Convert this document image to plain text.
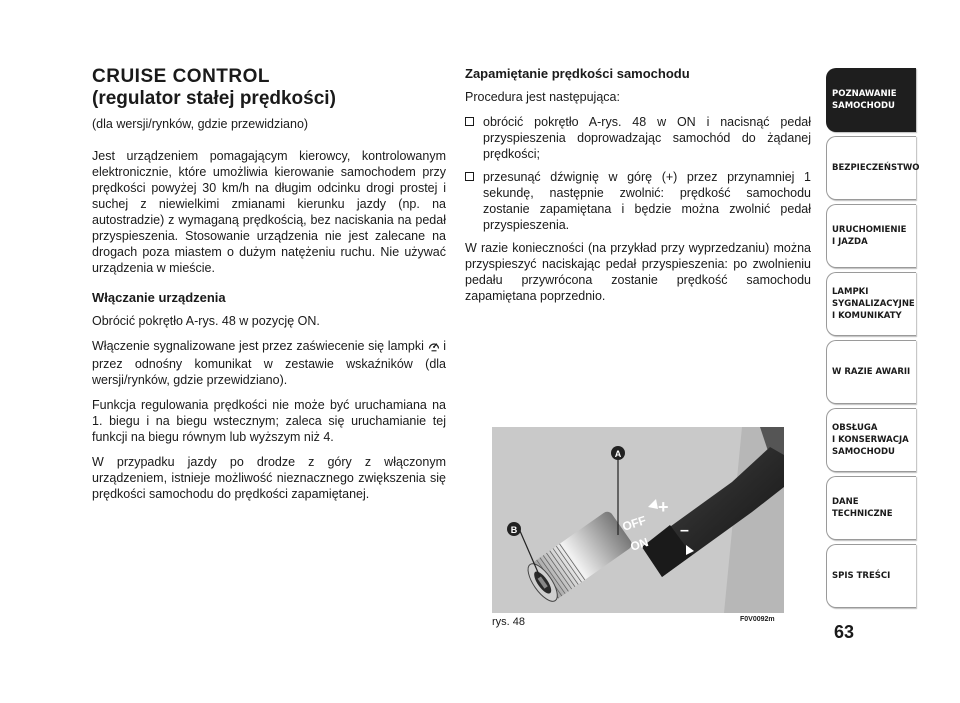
CRUISE CONTROL
(regulator stałej prędkości)
(dla wersji/rynków, gdzie przewidziano)

Jest urządzeniem pomagającym kierowcy, kontrolowanym elektronicznie, które umożliwia kierowanie samochodem przy prędkości powyżej 30 km/h na długim odcinku drogi prostej i suchej z niewielkimi zmianami kierunku jazdy (np. na autostradzie) z wymaganą prędkością, bez naciskania na pedał przyspieszenia. Stosowanie urządzenia nie jest zalecane na drogach poza miastem o dużym natężeniu ruchu. Nie używać urządzenia w mieście.

Włączanie urządzenia

Obrócić pokrętło A-rys. 48 w pozycję ON.

Włączenie sygnalizowane jest przez zaświecenie się lampki  i przez odnośny komunikat w zestawie wskaźników (dla wersji/rynków, gdzie przewidziano).

Funkcja regulowania prędkości nie może być uruchamiana na 1. biegu i na biegu wstecznym; zaleca się uruchamianie tej funkcji na biegu równym lub wyższym niż 4.

W przypadku jazdy po drodze z góry z włączonym urządzeniem, istnieje możliwość nieznacznego zwiększenia się prędkości samochodu do prędkości zapamiętanej.

Zapamiętanie prędkości samochodu

Procedura jest następująca:

obrócić pokrętło A-rys. 48 w ON i nacisnąć pedał przyspieszenia doprowadzając samochód do żądanej prędkości;
przesunąć dźwignię w górę (+) przez przynamniej 1 sekundę, następnie zwolnić: prędkość samochodu zostanie zapamiętana i będzie można zwolnić pedał przyspieszenia.

W razie konieczności (na przykład przy wyprzedzaniu) można przyspieszyć naciskając pedał przyspieszenia: po zwolnieniu pedału przywrócona zostanie prędkość samochodu zapamiętana poprzednio.

OFF
ON
+
–
A
B
rys. 48	F0V0092m
63
POZNAWANIE
SAMOCHODU
BEZPIECZEŃSTWO
URUCHOMIENIE
I JAZDA
LAMPKI
SYGNALIZACYJNE
I KOMUNIKATY
W RAZIE AWARII
OBSŁUGA
I KONSERWACJA
SAMOCHODU
DANE
TECHNICZNE
SPIS TREŚCI
